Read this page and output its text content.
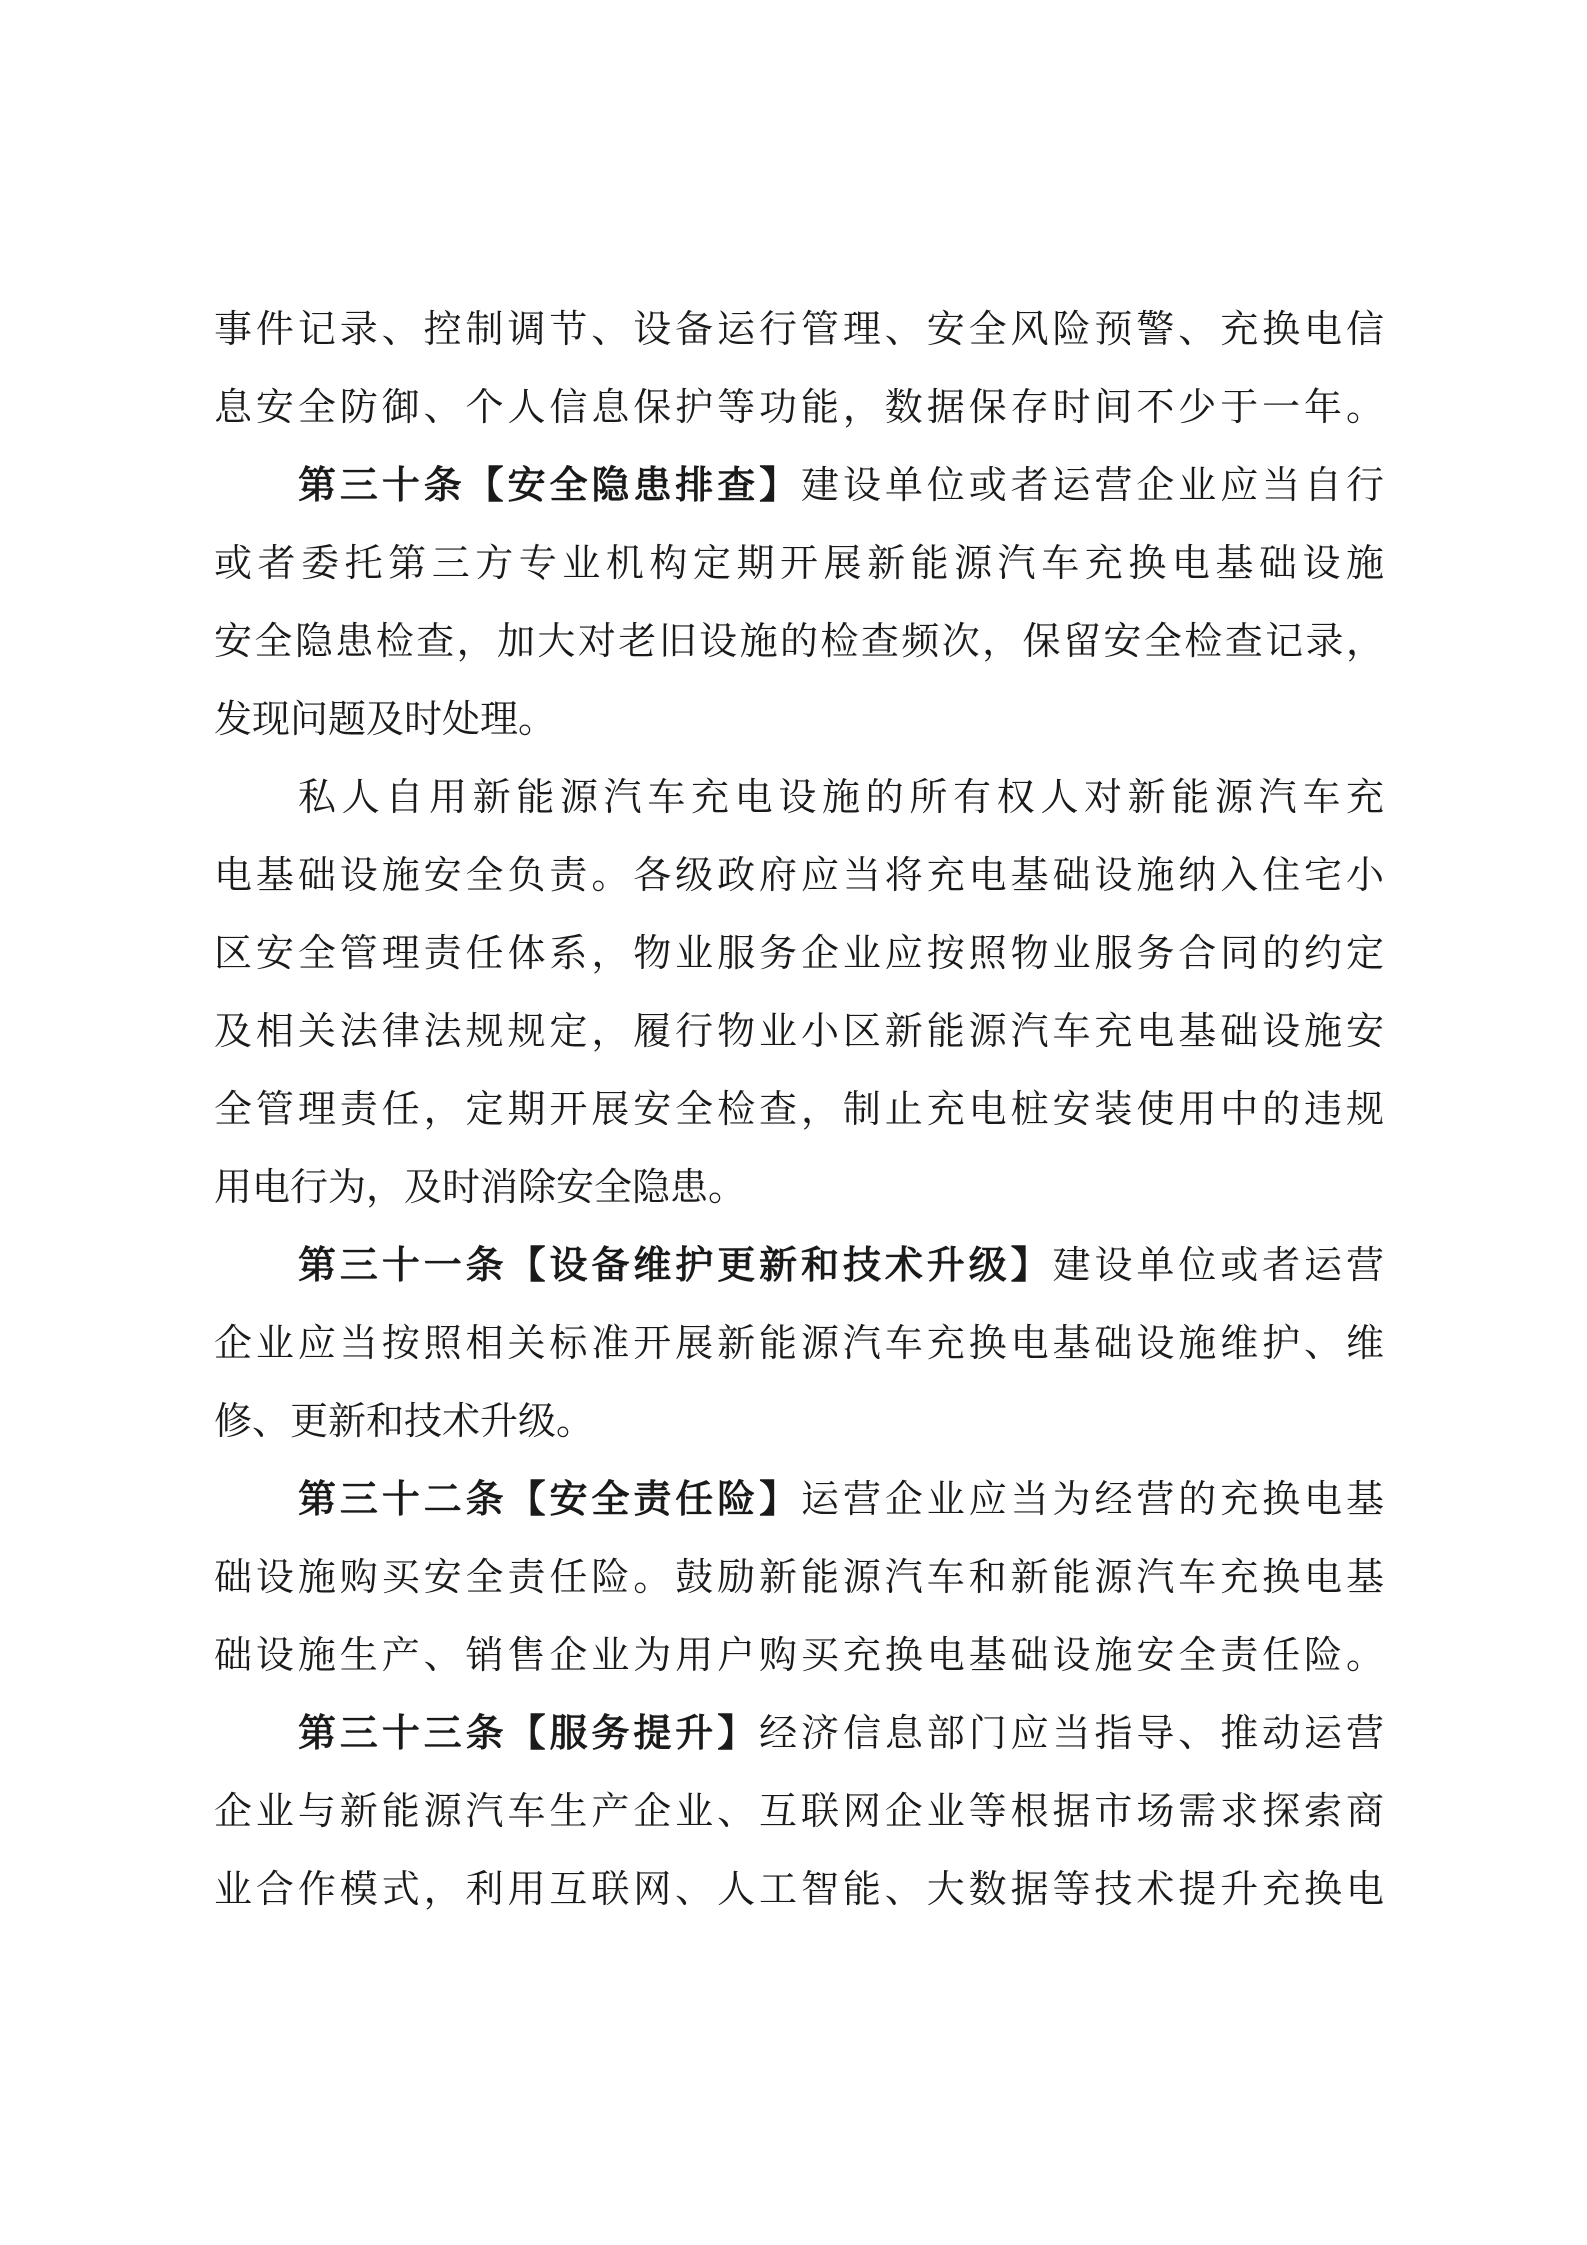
事件记录、控制调节、设备运行管理、安全风险预警、充换电信
息安全防御、个人信息保护等功能，数据保存时间不少于一年。
第三十条【安全隐患排查】建设单位或者运营企业应当自行
或者委托第三方专业机构定期开展新能源汽车充换电基础设施
安全隐患检查，加大对老旧设施的检查频次，保留安全检查记录，
发现问题及时处理。
私人自用新能源汽车充电设施的所有权人对新能源汽车充
电基础设施安全负责。各级政府应当将充电基础设施纳入住宅小
区安全管理责任体系，物业服务企业应按照物业服务合同的约定
及相关法律法规规定，履行物业小区新能源汽车充电基础设施安
全管理责任，定期开展安全检查，制止充电桩安装使用中的违规
用电行为，及时消除安全隐患。
第三十一条【设备维护更新和技术升级】建设单位或者运营
企业应当按照相关标准开展新能源汽车充换电基础设施维护、维
修、更新和技术升级。
第三十二条【安全责任险】运营企业应当为经营的充换电基
础设施购买安全责任险。鼓励新能源汽车和新能源汽车充换电基
础设施生产、销售企业为用户购买充换电基础设施安全责任险。
第三十三条【服务提升】经济信息部门应当指导、推动运营
企业与新能源汽车生产企业、互联网企业等根据市场需求探索商
业合作模式，利用互联网、人工智能、大数据等技术提升充换电
